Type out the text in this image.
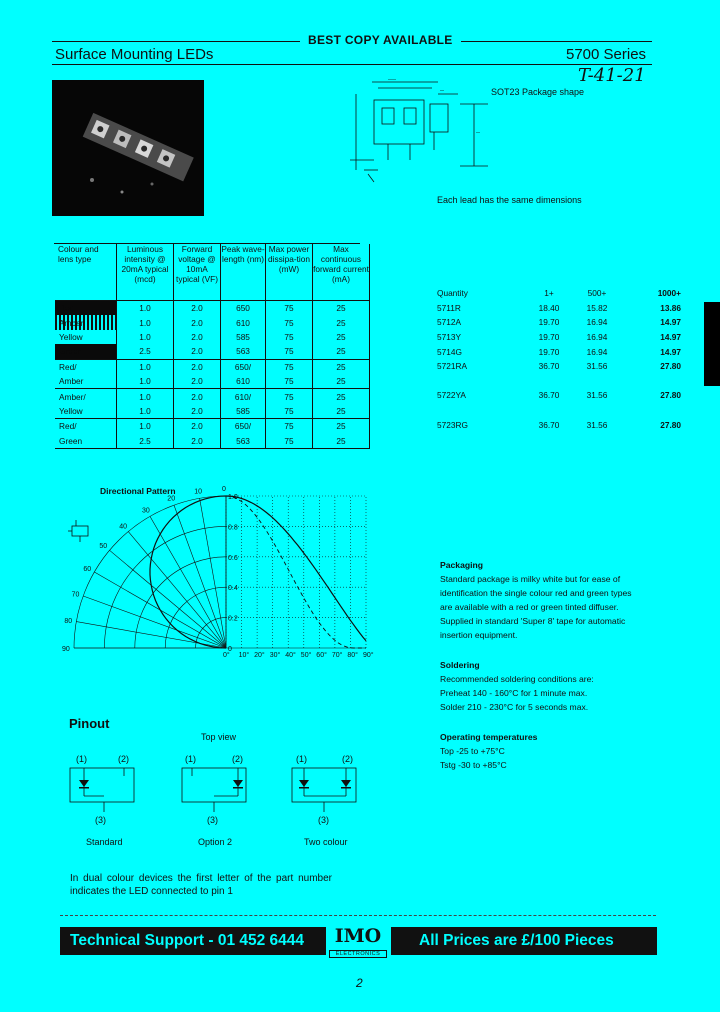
BEST COPY AVAILABLE
Surface Mounting LEDs	5700 Series
T-41-21
----
--
--
SOT23 Package shape
Each lead has the same dimensions
Colour and lens type	Luminous intensity @ 20mA typical (mcd)	Forward voltage @ 10mA typical (VF)	Peak wave-length (nm)	Max power dissipa-tion (mW)	Max continuous forward current (mA)
Red	1.0	2.0	650	75	25
Amber	1.0	2.0	610	75	25
Yellow	1.0	2.0	585	75	25
Green	2.5	2.0	563	75	25
Red/	1.0	2.0	650/	75	25
Amber	1.0	2.0	610	75	25
Amber/	1.0	2.0	610/	75	25
Yellow	1.0	2.0	585	75	25
Red/	1.0	2.0	650/	75	25
Green	2.5	2.0	563	75	25
Quantity	1+	500+	1000+
5711R	18.40	15.82	13.86
5712A	19.70	16.94	14.97
5713Y	19.70	16.94	14.97
5714G	19.70	16.94	14.97
5721RA	36.70	31.56	27.80

5722YA	36.70	31.56	27.80

5723RG	36.70	31.56	27.80
Directional Pattern	0
10
20
30
40
50
60
70
80
90
0° 10° 20° 30° 40° 50° 60° 70° 80° 90°
0
0.2
0.4
0.6
0.8
1.0
Packaging
Standard package is milky white but for ease of
identification the single colour red and green types
are available with a red or green tinted diffuser.
Supplied in standard 'Super 8' tape for automatic
insertion equipment.
Soldering
Recommended soldering conditions are:
Preheat 140 - 160°C for 1 minute max.
Solder 210 - 230°C for 5 seconds max.
Operating temperatures
Top -25 to +75°C
Tstg -30 to +85°C
Pinout
Top view
(1)	(2)
(3)
(1)	(2)
(3)
(1)	(2)
(3)
Standard	Option 2	Two colour
In dual colour devices the first letter of the part number indicates the LED connected to pin 1
Technical Support - 01 452 6444	IMO
ELECTRONICS
All Prices are £/100 Pieces
2
